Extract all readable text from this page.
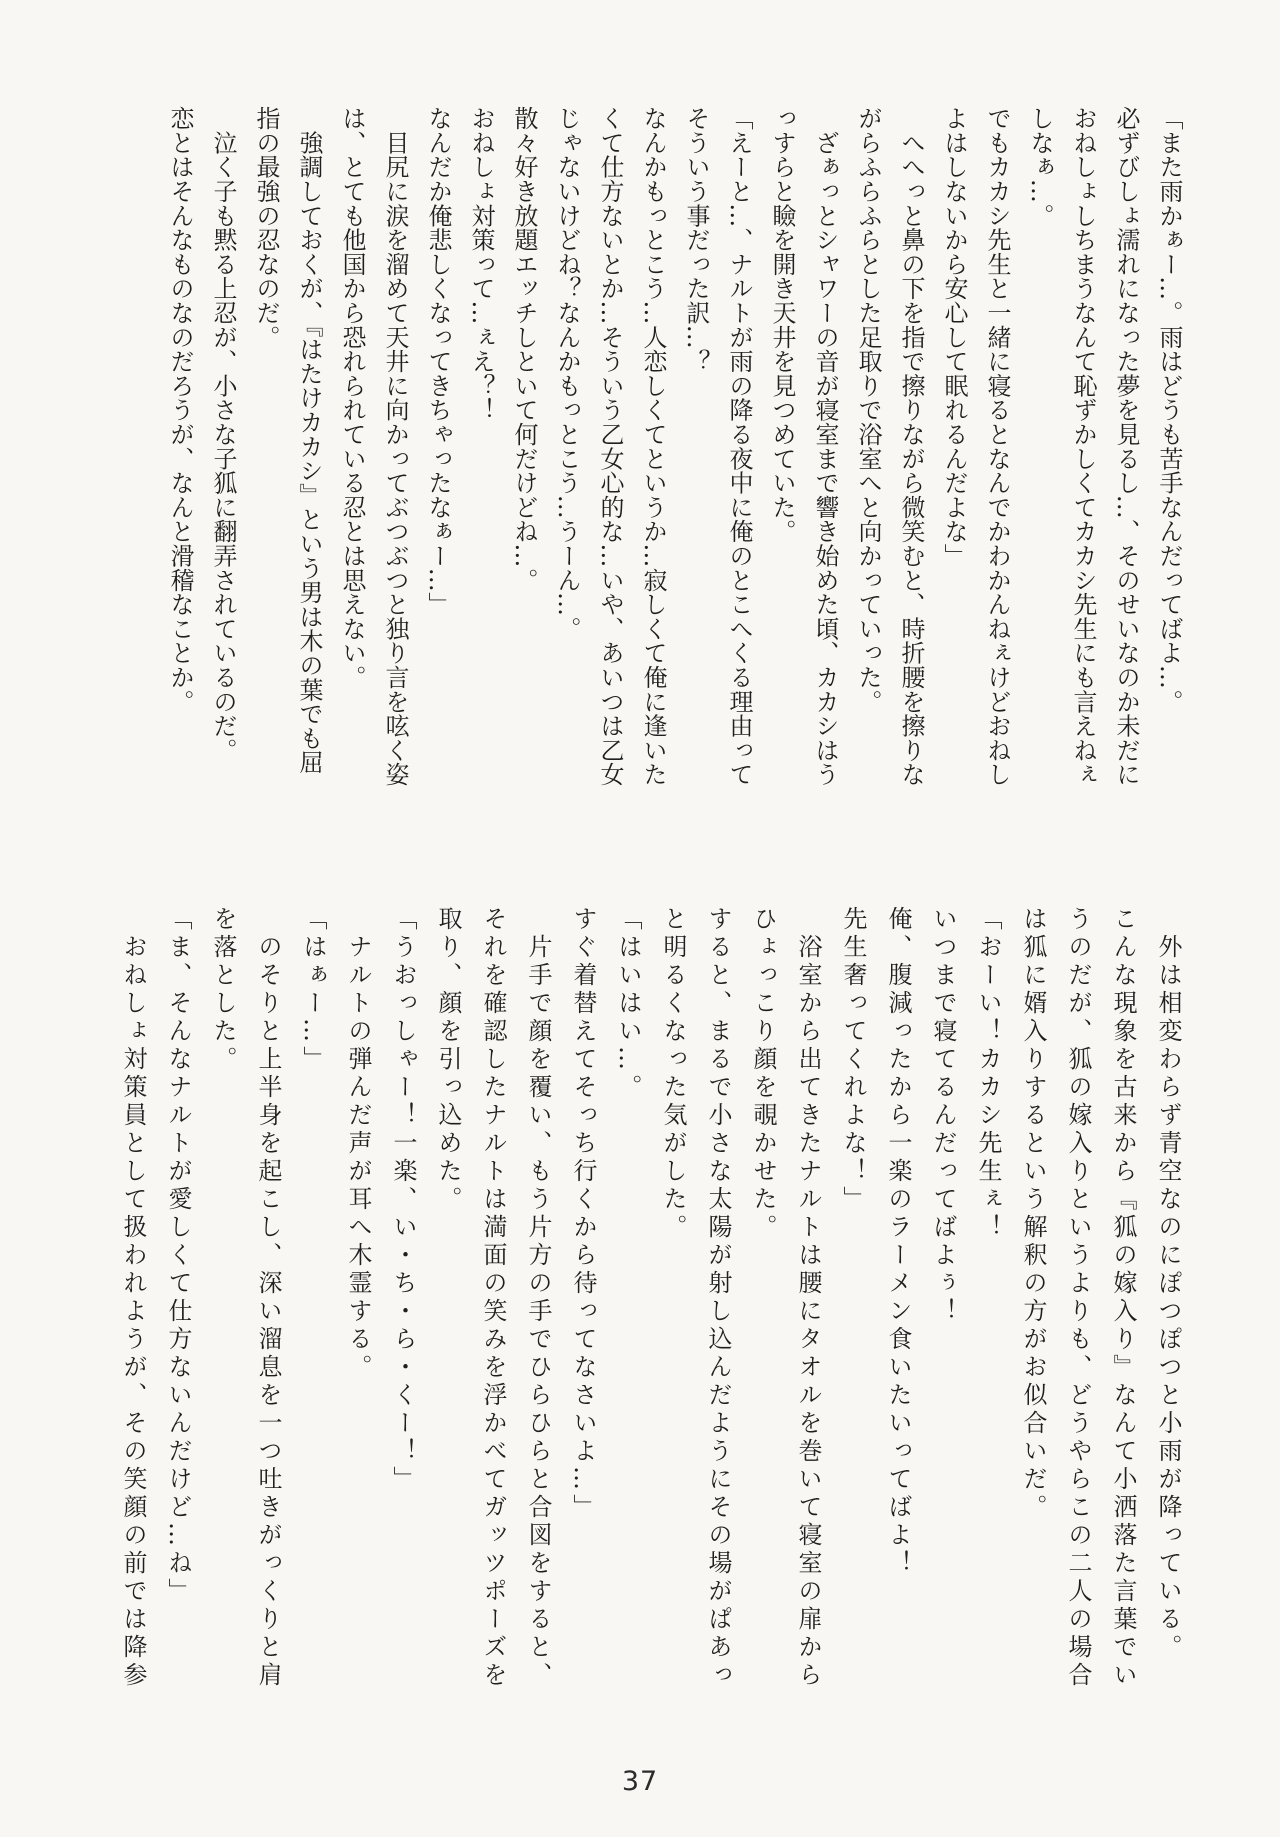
「また雨かぁー…。雨はどうも苦手なんだってばよ…。

必ずびしょ濡れになった夢を見るし…、そのせいなのか未だに

おねしょしちまうなんて恥ずかしくてカカシ先生にも言えねぇ

しなぁ…。

でもカカシ先生と一緒に寝るとなんでかわかんねぇけどおねし

よはしないから安心して眠れるんだよな」

　へへっと鼻の下を指で擦りながら微笑むと、時折腰を擦りな

がらふらふらとした足取りで浴室へと向かっていった。

　ざぁっとシャワーの音が寝室まで響き始めた頃、カカシはう

っすらと瞼を開き天井を見つめていた。

「えーと…、ナルトが雨の降る夜中に俺のとこへくる理由って

そういう事だった訳…？

なんかもっとこう…人恋しくてというか…寂しくて俺に逢いた

くて仕方ないとか…そういう乙女心的な…いや、あいつは乙女

じゃないけどね？なんかもっとこう…うーん…。

散々好き放題エッチしといて何だけどね…。

おねしょ対策って…ぇえ？！

なんだか俺悲しくなってきちゃったなぁー…」

　目尻に涙を溜めて天井に向かってぶつぶつと独り言を呟く姿

は、とても他国から恐れられている忍とは思えない。

　強調しておくが、『はたけカカシ』という男は木の葉でも屈

指の最強の忍なのだ。

　泣く子も黙る上忍が、小さな子狐に翻弄されているのだ。

恋とはそんなものなのだろうが、なんと滑稽なことか。

　外は相変わらず青空なのにぽつぽつと小雨が降っている。

こんな現象を古来から『狐の嫁入り』なんて小洒落た言葉でい

うのだが、狐の嫁入りというよりも、どうやらこの二人の場合

は狐に婿入りするという解釈の方がお似合いだ。

「おーい！カカシ先生ぇ！

いつまで寝てるんだってばよぅ！

俺、腹減ったから一楽のラーメン食いたいってばよ！

先生奢ってくれよな！」

　浴室から出てきたナルトは腰にタオルを巻いて寝室の扉から

ひょっこり顔を覗かせた。

すると、まるで小さな太陽が射し込んだようにその場がぱあっ

と明るくなった気がした。

「はいはい…。

すぐ着替えてそっち行くから待ってなさいよ…」

　片手で顔を覆い、もう片方の手でひらひらと合図をすると、

それを確認したナルトは満面の笑みを浮かべてガッツポーズを

取り、顔を引っ込めた。

「うおっしゃー！一楽、い・ち・ら・くー！」

　ナルトの弾んだ声が耳へ木霊する。

「はぁー…」

　のそりと上半身を起こし、深い溜息を一つ吐きがっくりと肩

を落とした。

「ま、そんなナルトが愛しくて仕方ないんだけど…ね」

　おねしょ対策員として扱われようが、その笑顔の前では降参

37
